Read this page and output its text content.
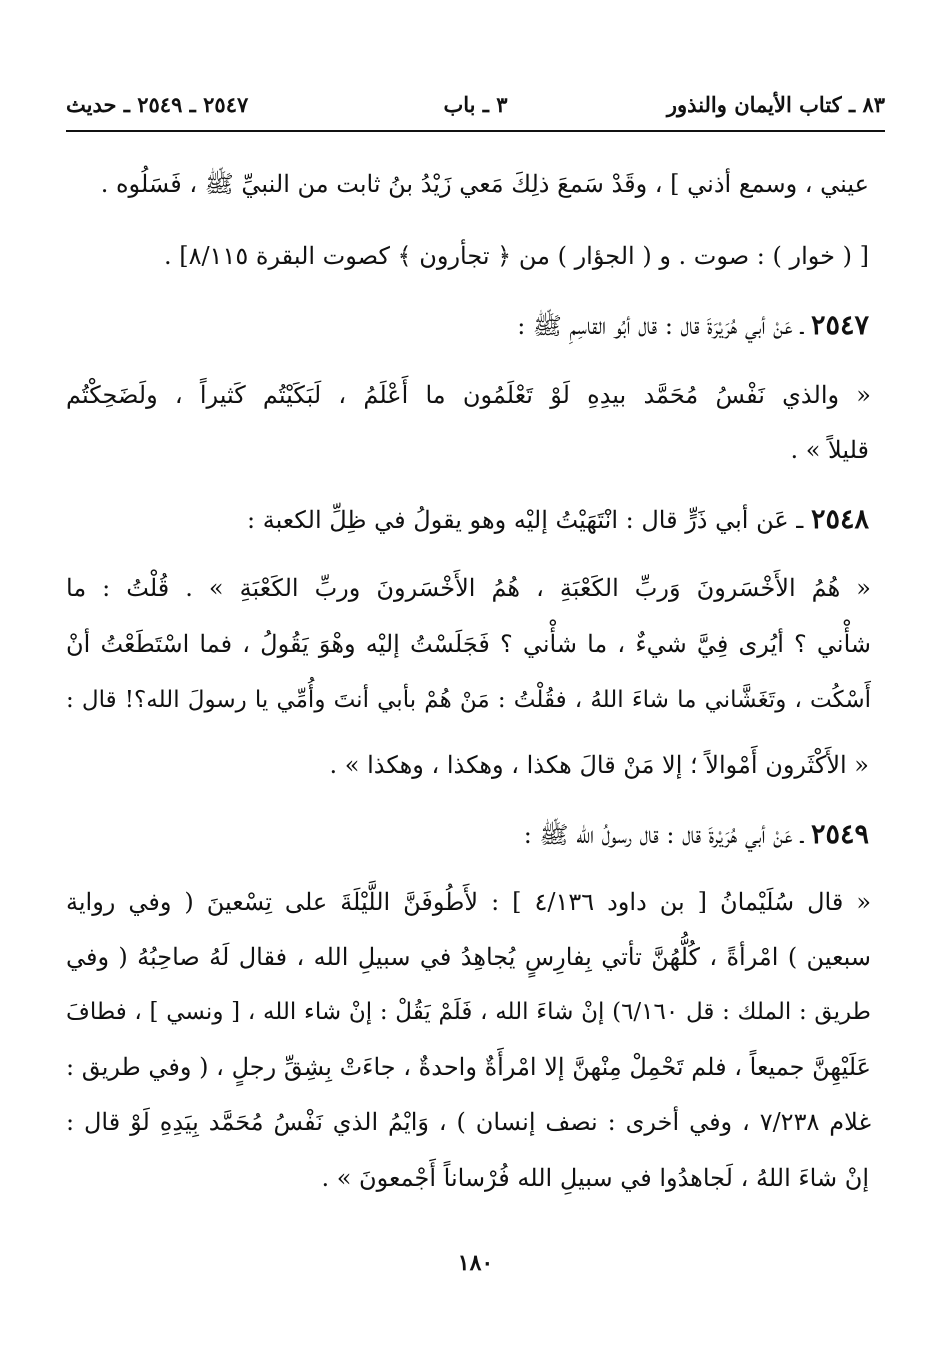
٨٣ ـ كتاب الأيمان والنذور
٣ ـ باب
٢٥٤٧ ـ ٢٥٤٩ ـ حديث
عيني ، وسمع أذني ] ، وقَدْ سَمعَ ذلِكَ مَعي زَيْدُ بنُ ثابت من النبيِّ ﷺ ، فَسَلُوه .
[ ( خوار ) : صوت . و ( الجؤار ) من ﴿ تجأرون ﴾ كصوت البقرة ٨/١١٥] .
٢٥٤٧ ـ عَنْ أبي هُرَيْرَةَ قال : قال أبُو القاسِمِ ﷺ :
« والذي نَفْسُ مُحَمَّد بيدِهِ لَوْ تَعْلَمُون ما أَعْلَمُ ، لَبَكَيْتُم كَثيراً ، ولَضَحِكْتُم
قليلاً » .
٢٥٤٨ ـ عَن أبي ذَرٍّ قال : انْتَهَيْتُ إليْه وهو يقولُ في ظِلِّ الكعبة :
« هُمُ الأَخْسَرونَ وَربِّ الكَعْبَةِ ، هُمُ الأَخْسَرونَ وربِّ الكَعْبَةِ » . قُلْتُ : ما
شأْني ؟ أيُرى فِيَّ شيءٌ ، ما شأْني ؟ فَجَلَسْتُ إليْه وهْوَ يَقُولُ ، فما اسْتَطَعْتُ أنْ
أَسْكُت ، وتَغَشَّاني ما شاءَ اللهُ ، فقُلْتُ : مَنْ هُمْ بأبي أنتَ وأُمِّي يا رسولَ الله؟! قال :
« الأَكْثَرون أَمْوالاً ؛ إلا مَنْ قالَ هكذا ، وهكذا ، وهكذا » .
٢٥٤٩ ـ عَنْ أبي هُرَيْرةَ قال : قال رسولُ الله ﷺ :
« قال سُلَيْمانُ [ بن داود ٤/١٣٦ ] : لأَطُوفَنَّ اللَّيْلَةَ على تِسْعينَ ( وفي رواية
سبعين ) امْرأةً ، كُلُّهُنَّ تأتي بِفارِسٍ يُجاهِدُ في سبيلِ الله ، فقال لَهُ صاحِبُهُ ( وفي
طريق : الملك : قل ٦/١٦٠) إنْ شاءَ الله ، فَلَمْ يَقُلْ : إنْ شاء الله ، [ ونسي ] ، فطافَ
عَلَيْهِنَّ جميعاً ، فلم تَحْمِلْ مِنْهنَّ إلا امْرأَةٌ واحدةٌ ، جاءَتْ بِشِقِّ رجلٍ ، ( وفي طريق :
غلام ٧/٢٣٨ ، وفي أخرى : نصف إنسان ) ، وَايْمُ الذي نَفْسُ مُحَمَّد بِيَدِهِ لَوْ قال :
إنْ شاءَ اللهُ ، لَجاهدُوا في سبيلِ الله فُرْساناً أَجْمعونَ » .
١٨٠
